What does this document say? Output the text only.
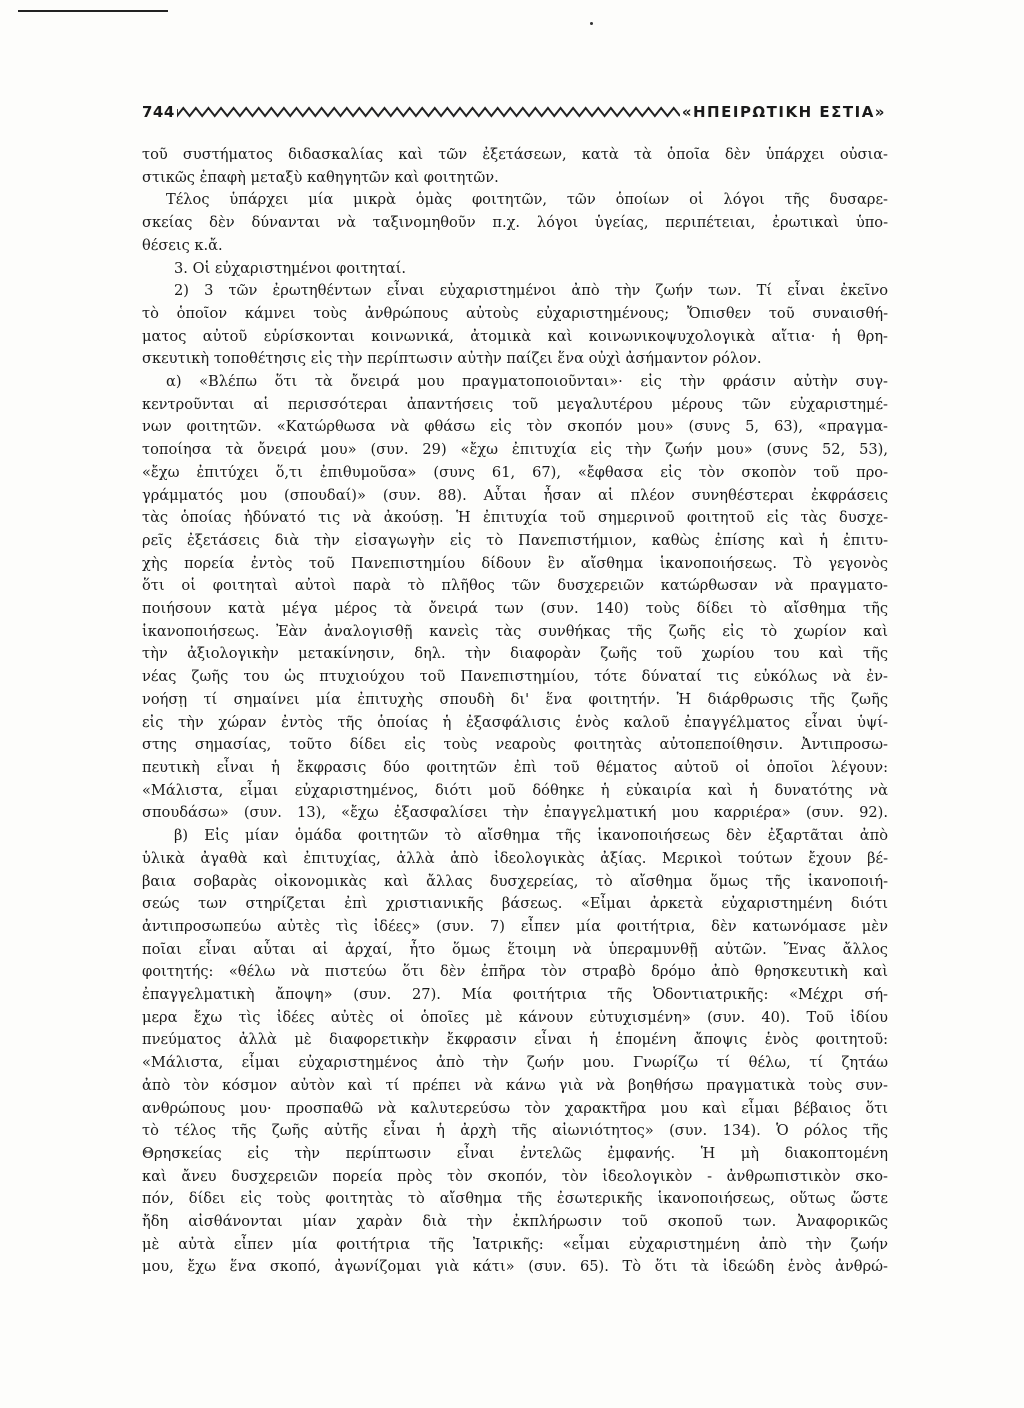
744	«ΗΠΕΙΡΩΤΙΚΗ ΕΣΤΙΑ»
τοῦ συστήματος διδασκαλίας καὶ τῶν ἐξετάσεων, κατὰ τὰ ὁποῖα δὲν ὑπάρχει οὐσια-
στικῶς ἐπαφὴ μεταξὺ καθηγητῶν καὶ φοιτητῶν.
Τέλος ὑπάρχει μία μικρὰ ὁμὰς φοιτητῶν, τῶν ὁποίων οἱ λόγοι τῆς δυσαρε-
σκείας δὲν δύνανται νὰ ταξινομηθοῦν π.χ. λόγοι ὑγείας, περιπέτειαι, ἐρωτικαὶ ὑπο-
θέσεις κ.ἄ.
3. Οἱ εὐχαριστημένοι φοιτηταί.
2) 3 τῶν ἐρωτηθέντων εἶναι εὐχαριστημένοι ἀπὸ τὴν ζωήν των. Τί εἶναι ἐκεῖνο
τὸ ὁποῖον κάμνει τοὺς ἀνθρώπους αὐτοὺς εὐχαριστημένους; Ὄπισθεν τοῦ συναισθή-
ματος αὐτοῦ εὑρίσκονται κοινωνικά, ἀτομικὰ καὶ κοινωνικοψυχολογικὰ αἴτια· ἡ θρη-
σκευτικὴ τοποθέτησις εἰς τὴν περίπτωσιν αὐτὴν παίζει ἕνα οὐχὶ ἀσήμαντον ρόλον.
α) «Βλέπω ὅτι τὰ ὄνειρά μου πραγματοποιοῦνται»· εἰς τὴν φράσιν αὐτὴν συγ-
κεντροῦνται αἱ περισσότεραι ἀπαντήσεις τοῦ μεγαλυτέρου μέρους τῶν εὐχαριστημέ-
νων φοιτητῶν. «Κατώρθωσα νὰ φθάσω εἰς τὸν σκοπόν μου» (συνς 5, 63), «πραγμα-
τοποίησα τὰ ὄνειρά μου» (συν. 29) «ἔχω ἐπιτυχία εἰς τὴν ζωήν μου» (συνς 52, 53),
«ἔχω ἐπιτύχει ὅ,τι ἐπιθυμοῦσα» (συνς 61, 67), «ἔφθασα εἰς τὸν σκοπὸν τοῦ προ-
γράμματός μου (σπουδαί)» (συν. 88). Αὗται ἦσαν αἱ πλέον συνηθέστεραι ἐκφράσεις
τὰς ὁποίας ἠδύνατό τις νὰ ἀκούσῃ. Ἡ ἐπιτυχία τοῦ σημερινοῦ φοιτητοῦ εἰς τὰς δυσχε-
ρεῖς ἐξετάσεις διὰ τὴν εἰσαγωγὴν εἰς τὸ Πανεπιστήμιον, καθὼς ἐπίσης καὶ ἡ ἐπιτυ-
χὴς πορεία ἐντὸς τοῦ Πανεπιστημίου δίδουν ἓν αἴσθημα ἱκανοποιήσεως. Τὸ γεγονὸς
ὅτι οἱ φοιτηταὶ αὐτοὶ παρὰ τὸ πλῆθος τῶν δυσχερειῶν κατώρθωσαν νὰ πραγματο-
ποιήσουν κατὰ μέγα μέρος τὰ ὄνειρά των (συν. 140) τοὺς δίδει τὸ αἴσθημα τῆς
ἱκανοποιήσεως. Ἐὰν ἀναλογισθῇ κανεὶς τὰς συνθήκας τῆς ζωῆς εἰς τὸ χωρίον καὶ
τὴν ἀξιολογικὴν μετακίνησιν, δηλ. τὴν διαφορὰν ζωῆς τοῦ χωρίου του καὶ τῆς
νέας ζωῆς του ὡς πτυχιούχου τοῦ Πανεπιστημίου, τότε δύναταί τις εὐκόλως νὰ ἐν-
νοήσῃ τί σημαίνει μία ἐπιτυχὴς σπουδὴ δι' ἕνα φοιτητήν. Ἡ διάρθρωσις τῆς ζωῆς
εἰς τὴν χώραν ἐντὸς τῆς ὁποίας ἡ ἐξασφάλισις ἑνὸς καλοῦ ἐπαγγέλματος εἶναι ὑψί-
στης σημασίας, τοῦτο δίδει εἰς τοὺς νεαροὺς φοιτητὰς αὐτοπεποίθησιν. Ἀντιπροσω-
πευτικὴ εἶναι ἡ ἔκφρασις δύο φοιτητῶν ἐπὶ τοῦ θέματος αὐτοῦ οἱ ὁποῖοι λέγουν:
«Μάλιστα, εἶμαι εὐχαριστημένος, διότι μοῦ δόθηκε ἡ εὐκαιρία καὶ ἡ δυνατότης νὰ
σπουδάσω» (συν. 13), «ἔχω ἐξασφαλίσει τὴν ἐπαγγελματική μου καρριέρα» (συν. 92).
β) Εἰς μίαν ὁμάδα φοιτητῶν τὸ αἴσθημα τῆς ἱκανοποιήσεως δὲν ἐξαρτᾶται ἀπὸ
ὑλικὰ ἀγαθὰ καὶ ἐπιτυχίας, ἀλλὰ ἀπὸ ἰδεολογικὰς ἀξίας. Μερικοὶ τούτων ἔχουν βέ-
βαια σοβαρὰς οἰκονομικὰς καὶ ἄλλας δυσχερείας, τὸ αἴσθημα ὅμως τῆς ἱκανοποιή-
σεώς των στηρίζεται ἐπὶ χριστιανικῆς βάσεως. «Εἶμαι ἀρκετὰ εὐχαριστημένη διότι
ἀντιπροσωπεύω αὐτὲς τὶς ἰδέες» (συν. 7) εἶπεν μία φοιτήτρια, δὲν κατωνόμασε μὲν
ποῖαι εἶναι αὗται αἱ ἀρχαί, ἦτο ὅμως ἕτοιμη νὰ ὑπεραμυνθῇ αὐτῶν. Ἕνας ἄλλος
φοιτητής: «θέλω νὰ πιστεύω ὅτι δὲν ἐπῆρα τὸν στραβὸ δρόμο ἀπὸ θρησκευτικὴ καὶ
ἐπαγγελματικὴ ἄποψη» (συν. 27). Μία φοιτήτρια τῆς Ὀδοντιατρικῆς: «Μέχρι σή-
μερα ἔχω τὶς ἰδέες αὐτὲς οἱ ὁποῖες μὲ κάνουν εὐτυχισμένη» (συν. 40). Τοῦ ἰδίου
πνεύματος ἀλλὰ μὲ διαφορετικὴν ἔκφρασιν εἶναι ἡ ἑπομένη ἄποψις ἑνὸς φοιτητοῦ:
«Μάλιστα, εἶμαι εὐχαριστημένος ἀπὸ τὴν ζωήν μου. Γνωρίζω τί θέλω, τί ζητάω
ἀπὸ τὸν κόσμον αὐτὸν καὶ τί πρέπει νὰ κάνω γιὰ νὰ βοηθήσω πραγματικὰ τοὺς συν-
ανθρώπους μου· προσπαθῶ νὰ καλυτερεύσω τὸν χαρακτῆρα μου καὶ εἶμαι βέβαιος ὅτι
τὸ τέλος τῆς ζωῆς αὐτῆς εἶναι ἡ ἀρχὴ τῆς αἰωνιότητος» (συν. 134). Ὁ ρόλος τῆς
Θρησκείας εἰς τὴν περίπτωσιν εἶναι ἐντελῶς ἐμφανής. Ἡ μὴ διακοπτομένη
καὶ ἄνευ δυσχερειῶν πορεία πρὸς τὸν σκοπόν, τὸν ἰδεολογικὸν - ἀνθρωπιστικὸν σκο-
πόν, δίδει εἰς τοὺς φοιτητὰς τὸ αἴσθημα τῆς ἐσωτερικῆς ἱκανοποιήσεως, οὕτως ὥστε
ἤδη αἰσθάνονται μίαν χαρὰν διὰ τὴν ἐκπλήρωσιν τοῦ σκοποῦ των. Ἀναφορικῶς
μὲ αὐτὰ εἶπεν μία φοιτήτρια τῆς Ἰατρικῆς: «εἶμαι εὐχαριστημένη ἀπὸ τὴν ζωήν
μου, ἔχω ἕνα σκοπό, ἀγωνίζομαι γιὰ κάτι» (συν. 65). Τὸ ὅτι τὰ ἰδεώδη ἑνὸς ἀνθρώ-
